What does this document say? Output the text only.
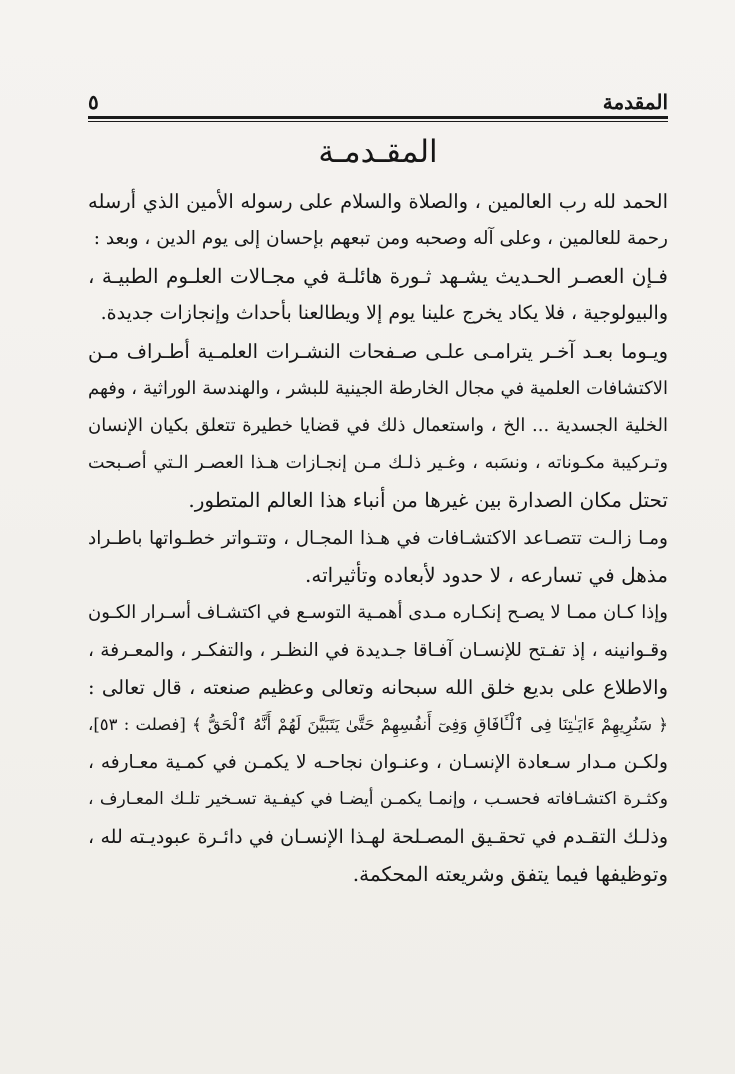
المقدمة
٥
المقـدمـة
الحمد لله رب العالمين ، والصلاة والسلام على رسوله الأمين الذي أرسله
رحمة للعالمين ، وعلى آله وصحبه ومن تبعهم بإحسان إلى يوم الدين ، وبعد :
فـإن العصـر الحـديث يشـهد ثـورة هائلـة في مجـالات العلـوم الطبيـة ،
والبيولوجية ، فلا يكاد يخرج علينا يوم إلا ويطالعنا بأحداث وإنجازات جديدة.
ويـوما بعـد آخـر يترامـى علـى صـفحات النشـرات العلمـية أطـراف مـن
الاكتشافات العلمية في مجال الخارطة الجينية للبشر ، والهندسة الوراثية ، وفهم
الخلية الجسدية ... الخ ، واستعمال ذلك في قضايا خطيرة تتعلق بكيان الإنسان
وتـركيبة مكـوناته ، ونسَبه ، وغـير ذلـك مـن إنجـازات هـذا العصـر الـتي أصـبحت
تحتل مكان الصدارة بين غيرها من أنباء هذا العالم المتطور.
ومـا زالـت تتصـاعد الاكتشـافات في هـذا المجـال ، وتتـواتر خطـواتها باطـراد
مذهل في تسارعه ، لا حدود لأبعاده وتأثيراته.
وإذا كـان ممـا لا يصـح إنكـاره مـدى أهمـية التوسـع في اكتشـاف أسـرار الكـون
وقـوانينه ، إذ تفـتح للإنسـان آفـاقا جـديدة في النظـر ، والتفكـر ، والمعـرفة ،
والاطلاع على بديع خلق الله سبحانه وتعالى وعظيم صنعته ، قال تعالى :
﴿ سَنُرِيهِمْ ءَايَـٰتِنَا فِى ٱلْـَٔافَاقِ وَفِىٓ أَنفُسِهِمْ حَتَّىٰ يَتَبَيَّنَ لَهُمْ أَنَّهُ ٱلْحَقُّ ﴾ [فصلت : ٥٣]،
ولكـن مـدار سـعادة الإنسـان ، وعنـوان نجاحـه لا يكمـن في كمـية معـارفه ،
وكثـرة اكتشـافاته فحسـب ، وإنمـا يكمـن أيضـا في كيفـية تسـخير تلـك المعـارف ،
وذلـك التقـدم في تحقـيق المصـلحة لهـذا الإنسـان في دائـرة عبوديـته لله ،
وتوظيفها فيما يتفق وشريعته المحكمة.
